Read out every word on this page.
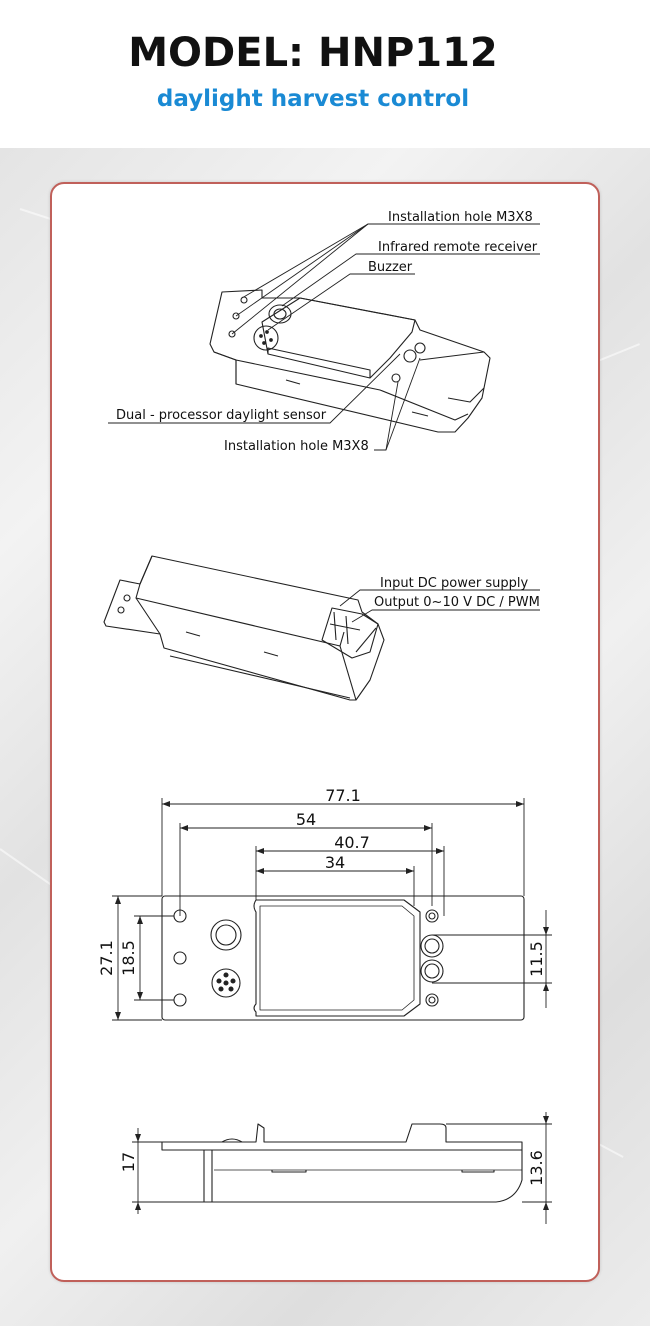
MODEL: HNP112
daylight harvest control
Installation hole M3X8
Infrared remote receiver
Buzzer
Dual - processor daylight sensor
Installation hole M3X8
Input DC power supply
Output 0~10 V DC / PWM
77.1
54
40.7
34
27.1 18.5	11.5
17	13.6
